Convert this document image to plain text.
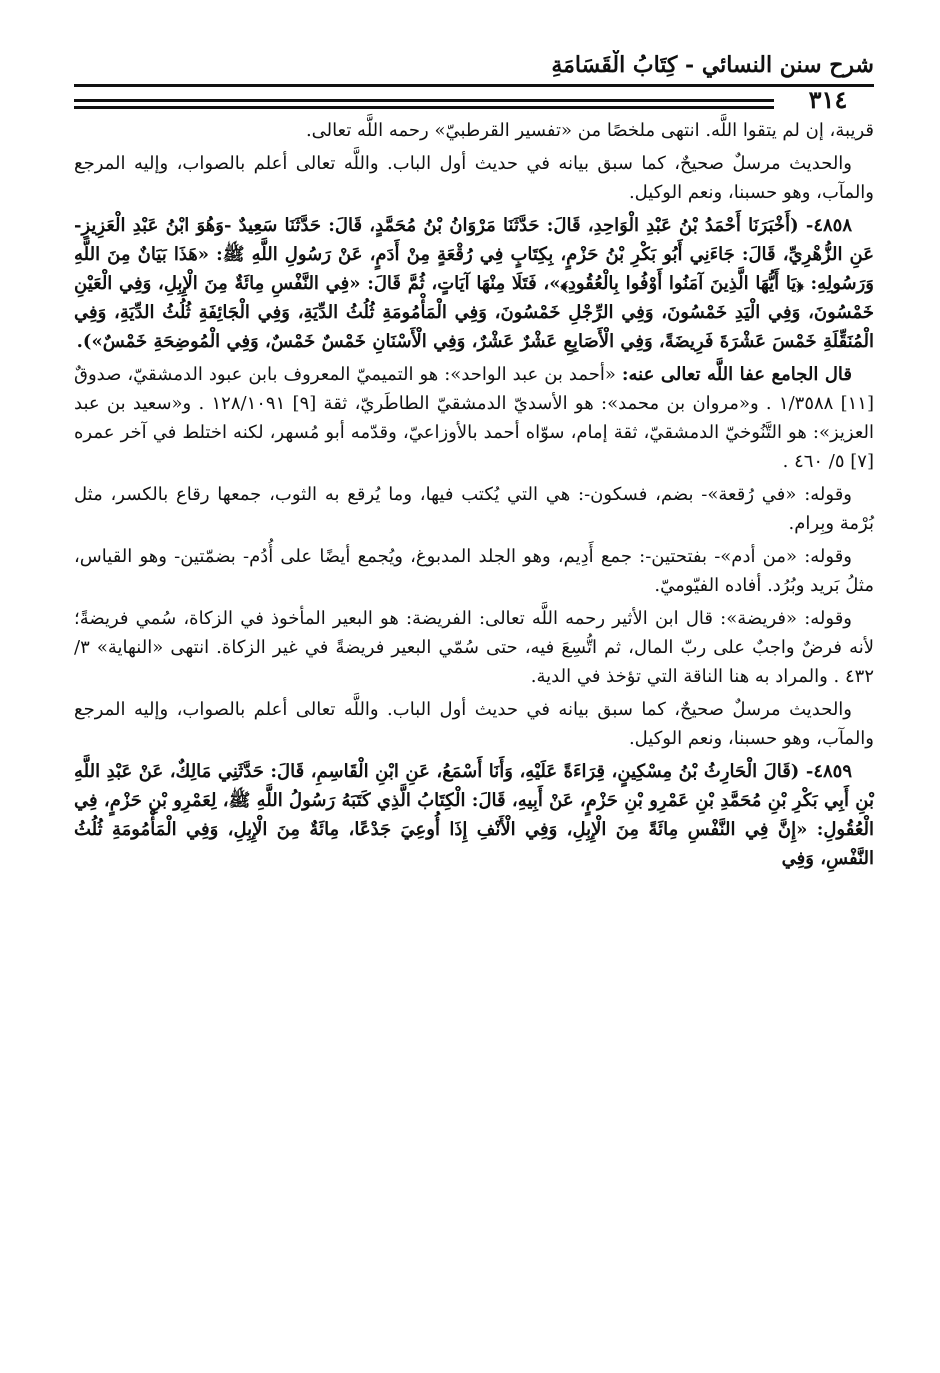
شرح سنن النسائي - كِتَابُ الْقَسَامَةِ
٣١٤

قريبة، إن لم يتقوا اللَّه. انتهى ملخصًا من «تفسير القرطبيّ» رحمه اللَّه تعالى.

والحديث مرسلٌ صحيحٌ، كما سبق بيانه في حديث أول الباب. واللَّه تعالى أعلم بالصواب، وإليه المرجع والمآب، وهو حسبنا، ونعم الوكيل.

٤٨٥٨- (أَخْبَرَنَا أَحْمَدُ بْنُ عَبْدِ الْوَاحِدِ، قَالَ: حَدَّثَنَا مَرْوَانُ بْنُ مُحَمَّدٍ، قَالَ: حَدَّثَنَا سَعِيدٌ -وَهُوَ ابْنُ عَبْدِ الْعَزِيزِ- عَنِ الزُّهْرِيِّ، قَالَ: جَاءَنِي أَبُو بَكْرِ بْنُ حَزْمٍ، بِكِتَابٍ فِي رُقْعَةٍ مِنْ أَدَمٍ، عَنْ رَسُولِ اللَّهِ ﷺ: «هَذَا بَيَانٌ مِنَ اللَّهِ وَرَسُولِهِ: ﴿يَا أَيُّهَا الَّذِينَ آمَنُوا أَوْفُوا بِالْعُقُودِ﴾»، فَتَلَا مِنْهَا آيَاتٍ، ثُمَّ قَالَ: «فِي النَّفْسِ مِائَةٌ مِنَ الْإِبِلِ، وَفِي الْعَيْنِ خَمْسُونَ، وَفِي الْيَدِ خَمْسُونَ، وَفِي الرِّجْلِ خَمْسُونَ، وَفِي الْمَأْمُومَةِ ثُلُثُ الدِّيَةِ، وَفِي الْجَائِفَةِ ثُلُثُ الدِّيَةِ، وَفِي الْمُنَقِّلَةِ خَمْسَ عَشْرَةَ فَرِيضَةً، وَفِي الْأَصَابِعِ عَشْرٌ عَشْرٌ، وَفِي الْأَسْنَانِ خَمْسٌ خَمْسٌ، وَفِي الْمُوضِحَةِ خَمْسٌ»).

قال الجامع عفا اللَّه تعالى عنه: «أحمد بن عبد الواحد»: هو التميميّ المعروف بابن عبود الدمشقيّ، صدوقٌ [١١] ١/٣٥٨٨ . و«مروان بن محمد»: هو الأسديّ الدمشقيّ الطاطَريّ، ثقة [٩] ١٢٨/١٠٩١ . و«سعيد بن عبد العزيز»: هو التَّنُوخيّ الدمشقيّ، ثقة إمام، سوّاه أحمد بالأوزاعيّ، وقدّمه أبو مُسهر، لكنه اختلط في آخر عمره [٧] ٥/ ٤٦٠ .

وقوله: «في رُقعة»- بضم، فسكون-: هي التي يُكتب فيها، وما يُرقع به الثوب، جمعها رقاع بالكسر، مثل بُرْمة وبِرام.

وقوله: «من أدم»- بفتحتين-: جمع أَدِيم، وهو الجلد المدبوغ، ويُجمع أيضًا على أُدُم- بضمّتين- وهو القياس، مثلُ بَريد وبُرُد. أفاده الفيّوميّ.

وقوله: «فريضة»: قال ابن الأثير رحمه اللَّه تعالى: الفريضة: هو البعير المأخوذ في الزكاة، سُمي فريضةً؛ لأنه فرضٌ واجبٌ على ربّ المال، ثم اتُّسِعَ فيه، حتى سُمّي البعير فريضةً في غير الزكاة. انتهى «النهاية» ٣/ ٤٣٢ . والمراد به هنا الناقة التي تؤخذ في الدية.

والحديث مرسلٌ صحيحٌ، كما سبق بيانه في حديث أول الباب. واللَّه تعالى أعلم بالصواب، وإليه المرجع والمآب، وهو حسبنا، ونعم الوكيل.

٤٨٥٩- (قَالَ الْحَارِثُ بْنُ مِسْكِينٍ، قِرَاءَةً عَلَيْهِ، وَأَنَا أَسْمَعُ، عَنِ ابْنِ الْقَاسِمِ، قَالَ: حَدَّثَنِي مَالِكٌ، عَنْ عَبْدِ اللَّهِ بْنِ أَبِي بَكْرِ بْنِ مُحَمَّدِ بْنِ عَمْرِو بْنِ حَزْمٍ، عَنْ أَبِيهِ، قَالَ: الْكِتَابُ الَّذِي كَتَبَهُ رَسُولُ اللَّهِ ﷺ، لِعَمْرِو بْنِ حَزْمٍ، فِي الْعُقُولِ: «إِنَّ فِي النَّفْسِ مِائَةً مِنَ الْإِبِلِ، وَفِي الْأَنْفِ إِذَا أُوعِيَ جَدْعًا، مِائَةٌ مِنَ الْإِبِلِ، وَفِي الْمَأْمُومَةِ ثُلُثُ النَّفْسِ، وَفِي
